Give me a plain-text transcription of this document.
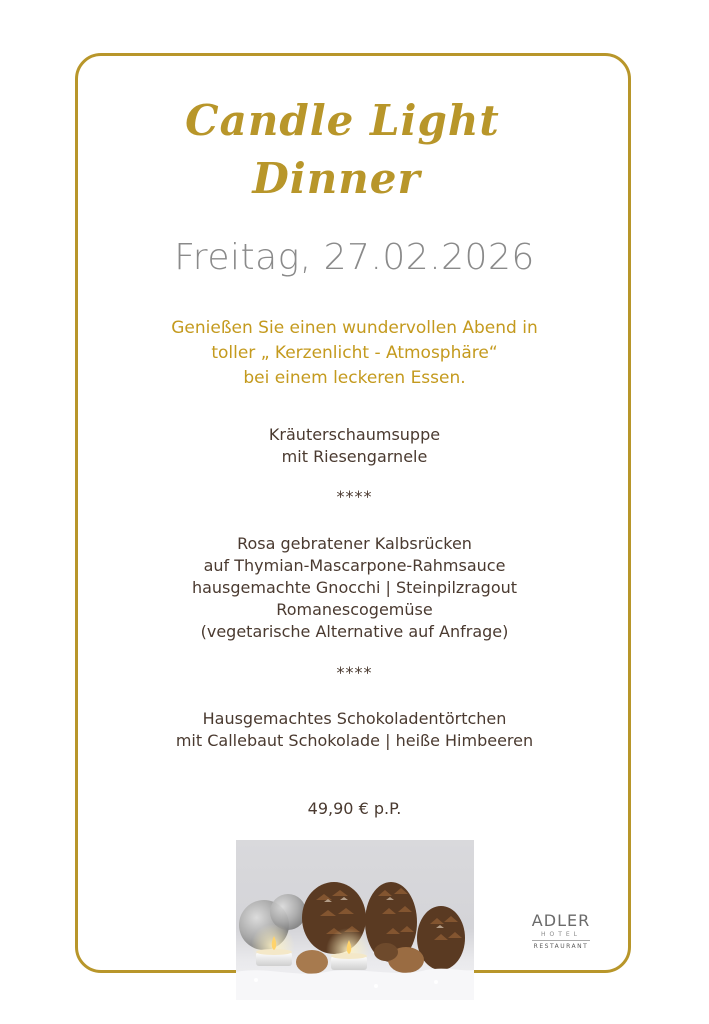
Candle Light
Dinner
Freitag, 27.02.2026
Genießen Sie einen wundervollen Abend in
toller „ Kerzenlicht - Atmosphäre“
bei einem leckeren Essen.
Kräuterschaumsuppe
mit Riesengarnele
****
Rosa gebratener Kalbsrücken
auf Thymian-Mascarpone-Rahmsauce
hausgemachte Gnocchi | Steinpilzragout
Romanescogemüse
(vegetarische Alternative auf Anfrage)
****
Hausgemachtes Schokoladentörtchen
mit Callebaut Schokolade | heiße Himbeeren
49,90 € p.P.
ADLER
HOTEL
RESTAURANT
